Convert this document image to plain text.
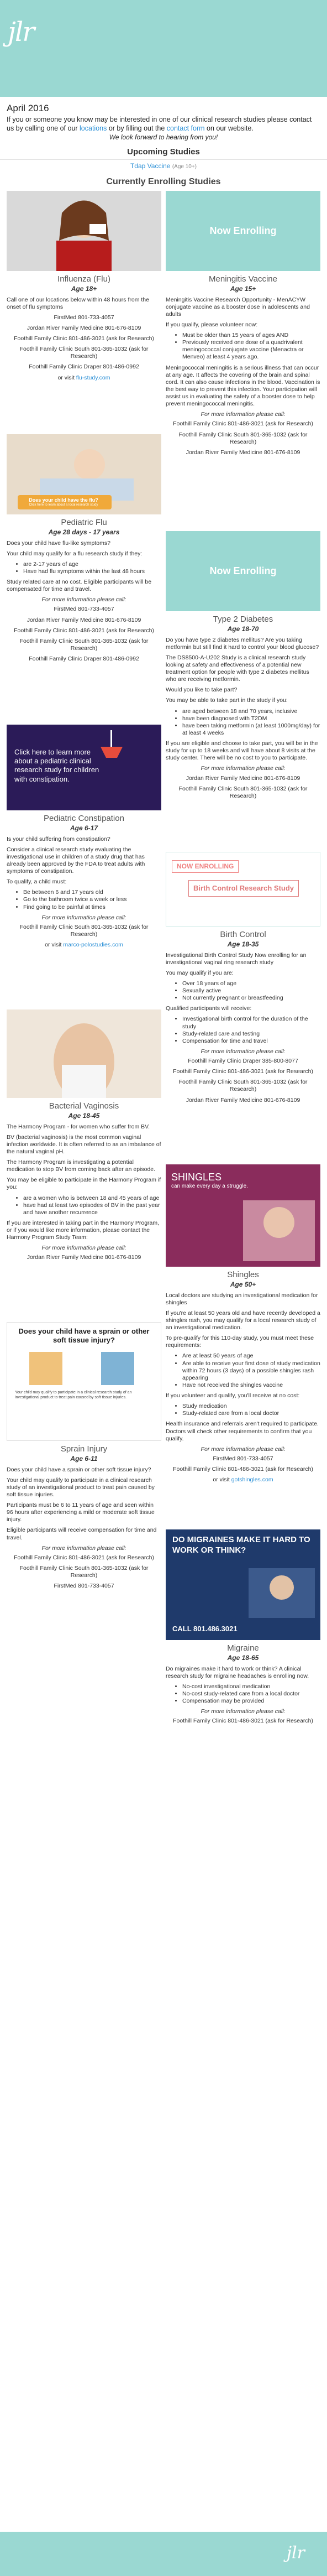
jlr
April 2016

If you or someone you know may be interested in one of our clinical research studies please contact us by calling one of our locations or by filling out the contact form on our website.

We look forward to hearing from you!

Upcoming Studies
Tdap Vaccine (Age 10+)
Currently Enrolling Studies
Influenza (Flu)
Age 18+

Call one of our locations below within 48 hours from the onset of flu symptoms

FirstMed 801-733-4057
Jordan River Family Medicine 801-676-8109
Foothill Family Clinic 801-486-3021 (ask for Research)
Foothill Family Clinic South 801-365-1032 (ask for Research)
Foothill Family Clinic Draper 801-486-0992
or visit flu-study.com
Does your child have the flu?
Click here to learn about a local research study
Pediatric Flu
Age 28 days - 17 years

Does your child have flu-like symptoms?

Your child may qualify for a flu research study if they:

• are 2-17 years of age
• Have had flu symptoms within the last 48 hours

Study related care at no cost. Eligible participants will be compensated for time and travel.

For more information please call:
FirstMed 801-733-4057
Jordan River Family Medicine 801-676-8109
Foothill Family Clinic 801-486-3021 (ask for Research)
Foothill Family Clinic South 801-365-1032 (ask for Research)
Foothill Family Clinic Draper 801-486-0992
Click here to learn more about a pediatric clinical research study for children with constipation.
Pediatric Constipation
Age 6-17

Is your child suffering from constipation?

Consider a clinical research study evaluating the investigational use in children of a study drug that has already been approved by the FDA to treat adults with symptoms of constipation.

To qualify, a child must:

• Be between 6 and 17 years old
• Go to the bathroom twice a week or less
• Find going to be painful at times
For more information please call:
Foothill Family Clinic South 801-365-1032 (ask for Research)
or visit marco-polostudies.com
Bacterial Vaginosis
Age 18-45

The Harmony Program - for women who suffer from BV.

BV (bacterial vaginosis) is the most common vaginal infection worldwide. It is often referred to as an imbalance of the natural vaginal pH.

The Harmony Program is investigating a potential medication to stop BV from coming back after an episode.

You may be eligible to participate in the Harmony Program if you:

• are a women who is between 18 and 45 years of age
• have had at least two episodes of BV in the past year and have another recurrence

If you are interested in taking part in the Harmony Program, or if you would like more information, please contact the Harmony Program Study Team:

For more information please call:
Jordan River Family Medicine 801-676-8109
Does your child have a sprain or other soft tissue injury?
Your child may qualify to participate in a clinical research study of an investigational product to treat pain caused by soft tissue injuries.
Sprain Injury
Age 6-11

Does your child have a sprain or other soft tissue injury?

Your child may qualify to participate in a clinical research study of an investigational product to treat pain caused by soft tissue injuries.

Participants must be 6 to 11 years of age and seen within 96 hours after experiencing a mild or moderate soft tissue injury.

Eligible participants will receive compensation for time and travel.

For more information please call:
Foothill Family Clinic 801-486-3021 (ask for Research)
Foothill Family Clinic South 801-365-1032 (ask for Research)
FirstMed 801-733-4057
Now Enrolling
Meningitis Vaccine
Age 15+

Meningitis Vaccine Research Opportunity - MenACYW conjugate vaccine as a booster dose in adolescents and adults

If you qualify, please volunteer now:

• Must be older than 15 years of ages AND
• Previously received one dose of a quadrivalent meningococcal conjugate vaccine (Menactra or Menveo) at least 4 years ago.

Meningococcal meningitis is a serious illness that can occur at any age. It affects the covering of the brain and spinal cord. It can also cause infections in the blood. Vaccination is the best way to prevent this infection. Your participation will assist us in evaluating the safety of a booster dose to help prevent meningococcal meningitis.

For more information please call:
Foothill Family Clinic 801-486-3021 (ask for Research)
Foothill Family Clinic South 801-365-1032 (ask for Research)
Jordan River Family Medicine 801-676-8109
Now Enrolling
Type 2 Diabetes
Age 18-70

Do you have type 2 diabetes mellitus? Are you taking metformin but still find it hard to control your blood glucose?

The DS8500-A-U202 Study is a clinical research study looking at safety and effectiveness of a potential new treatment option for people with type 2 diabetes mellitus who are receiving metformin.

Would you like to take part?

You may be able to take part in the study if you:

• are aged between 18 and 70 years, inclusive
• have been diagnosed with T2DM
• have been taking metformin (at least 1000mg/day) for at least 4 weeks

If you are eligible and choose to take part, you will be in the study for up to 18 weeks and will have about 8 visits at the study center. There will be no cost to you to participate.

For more information please call:
Jordan River Family Medicine 801-676-8109
Foothill Family Clinic South 801-365-1032 (ask for Research)
NOW ENROLLING
Birth Control Research Study
Birth Control
Age 18-35

Investigational Birth Control Study Now enrolling for an investigational vaginal ring research study

You may qualify if you are:

• Over 18 years of age
• Sexually active
• Not currently pregnant or breastfeeding

Qualified participants will receive:

• Investigational birth control for the duration of the study
• Study-related care and testing
• Compensation for time and travel
For more information please call:
Foothill Family Clinic Draper 385-800-8077
Foothill Family Clinic 801-486-3021 (ask for Research)
Foothill Family Clinic South 801-365-1032 (ask for Research)
Jordan River Family Medicine 801-676-8109
SHINGLES
can make every day a struggle.
Shingles
Age 50+

Local doctors are studying an investigational medication for shingles

If you're at least 50 years old and have recently developed a shingles rash, you may qualify for a local research study of an investigational medication.

To pre-qualify for this 110-day study, you must meet these requirements:

• Are at least 50 years of age
• Are able to receive your first dose of study medication within 72 hours (3 days) of a possible shingles rash appearing
• Have not received the shingles vaccine

If you volunteer and qualify, you'll receive at no cost:

• Study medication
• Study-related care from a local doctor

Health insurance and referrals aren't required to participate. Doctors will check other requirements to confirm that you qualify.

For more information please call:
FirstMed 801-733-4057
Foothill Family Clinic 801-486-3021 (ask for Research)
or visit gotshingles.com
DO MIGRAINES MAKE IT HARD TO WORK OR THINK?
CALL 801.486.3021
Migraine
Age 18-65

Do migraines make it hard to work or think? A clinical research study for migraine headaches is enrolling now.

• No-cost investigational medication
• No-cost study-related care from a local doctor
• Compensation may be provided
For more information please call:
Foothill Family Clinic 801-486-3021 (ask for Research)
jlr
